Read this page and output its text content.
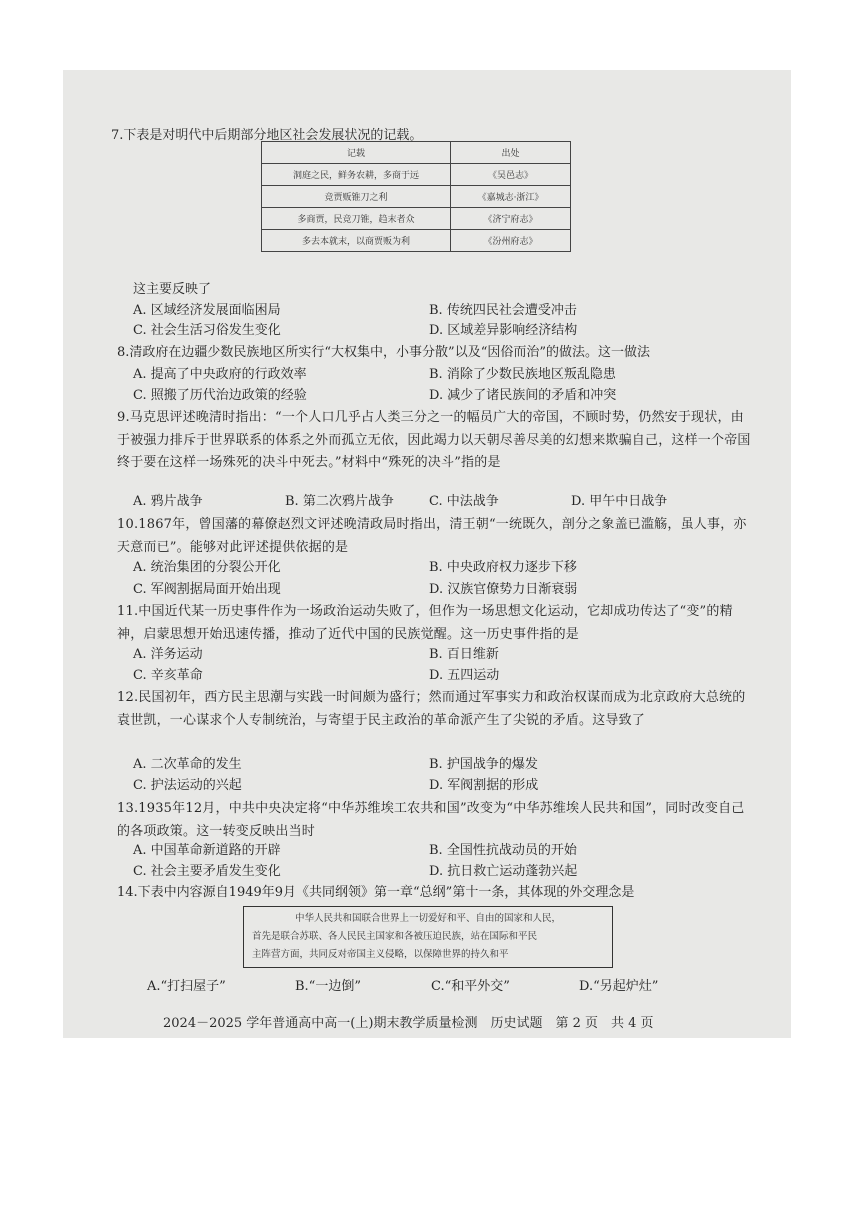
7.下表是对明代中后期部分地区社会发展状况的记载。
记载	出处
洞庭之民，鲜务农耕，多商于远	《吴邑志》
竞贾贩锥刀之利	《嘉城志·浙江》
多商贾，民竞刀锥，趋末者众	《济宁府志》
多去本就末，以商贾贩为利	《汾州府志》
这主要反映了
A. 区域经济发展面临困局	B. 传统四民社会遭受冲击
C. 社会生活习俗发生变化	D. 区域差异影响经济结构
8.清政府在边疆少数民族地区所实行“大权集中，小事分散”以及“因俗而治”的做法。这一做法
A. 提高了中央政府的行政效率	B. 消除了少数民族地区叛乱隐患
C. 照搬了历代治边政策的经验	D. 减少了诸民族间的矛盾和冲突
9.马克思评述晚清时指出：“一个人口几乎占人类三分之一的幅员广大的帝国，不顾时势，仍然安于现状，由于被强力排斥于世界联系的体系之外而孤立无依，因此竭力以天朝尽善尽美的幻想来欺骗自己，这样一个帝国终于要在这样一场殊死的决斗中死去。”材料中“殊死的决斗”指的是
A. 鸦片战争	B. 第二次鸦片战争	C. 中法战争	D. 甲午中日战争
10.1867年，曾国藩的幕僚赵烈文评述晚清政局时指出，清王朝“一统既久，剖分之象盖已滥觞，虽人事，亦天意而已”。能够对此评述提供依据的是
A. 统治集团的分裂公开化	B. 中央政府权力逐步下移
C. 军阀割据局面开始出现	D. 汉族官僚势力日渐衰弱
11.中国近代某一历史事件作为一场政治运动失败了，但作为一场思想文化运动，它却成功传达了“变”的精神，启蒙思想开始迅速传播，推动了近代中国的民族觉醒。这一历史事件指的是
A. 洋务运动	B. 百日维新
C. 辛亥革命	D. 五四运动
12.民国初年，西方民主思潮与实践一时间颇为盛行；然而通过军事实力和政治权谋而成为北京政府大总统的袁世凯，一心谋求个人专制统治，与寄望于民主政治的革命派产生了尖锐的矛盾。这导致了
A. 二次革命的发生	B. 护国战争的爆发
C. 护法运动的兴起	D. 军阀割据的形成
13.1935年12月，中共中央决定将“中华苏维埃工农共和国”改变为“中华苏维埃人民共和国”，同时改变自己的各项政策。这一转变反映出当时
A. 中国革命新道路的开辟	B. 全国性抗战动员的开始
C. 社会主要矛盾发生变化	D. 抗日救亡运动蓬勃兴起
14.下表中内容源自1949年9月《共同纲领》第一章“总纲”第十一条，其体现的外交理念是
中华人民共和国联合世界上一切爱好和平、自由的国家和人民，
首先是联合苏联、各人民民主国家和各被压迫民族，站在国际和平民
主阵营方面，共同反对帝国主义侵略，以保障世界的持久和平
A.“打扫屋子”	B.“一边倒”	C.“和平外交”	D.“另起炉灶”
2024－2025 学年普通高中高一(上)期末教学质量检测　历史试题　第 2 页　共 4 页
